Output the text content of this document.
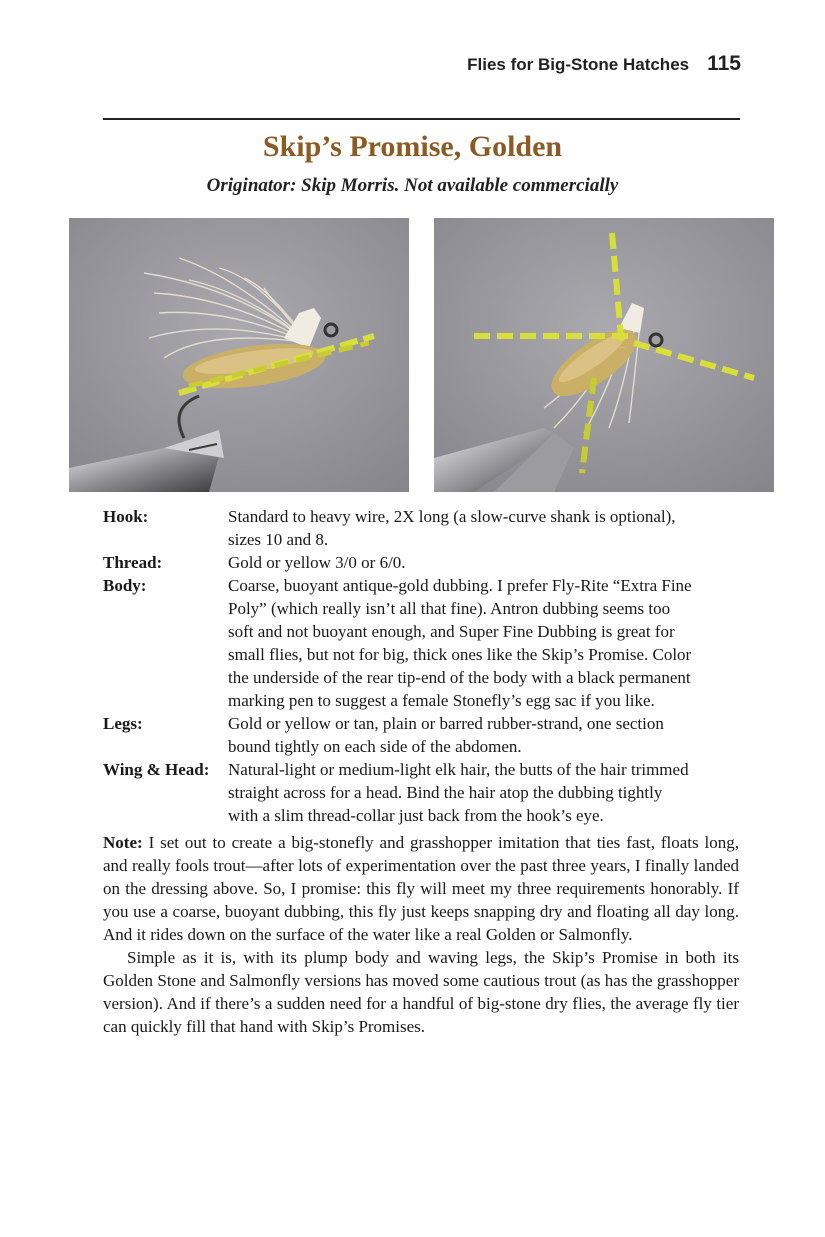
Flies for Big-Stone Hatches 115
Skip’s Promise, Golden
Originator: Skip Morris. Not available commercially
Hook:	Standard to heavy wire, 2X long (a slow-curve shank is optional),
sizes 10 and 8.
Thread:	Gold or yellow 3/0 or 6/0.
Body:	Coarse, buoyant antique-gold dubbing. I prefer Fly-Rite “Extra Fine
Poly” (which really isn’t all that fine). Antron dubbing seems too
soft and not buoyant enough, and Super Fine Dubbing is great for
small flies, but not for big, thick ones like the Skip’s Promise. Color
the underside of the rear tip-end of the body with a black permanent
marking pen to suggest a female Stonefly’s egg sac if you like.
Legs:	Gold or yellow or tan, plain or barred rubber-strand, one section
bound tightly on each side of the abdomen.
Wing & Head:	Natural-light or medium-light elk hair, the butts of the hair trimmed
straight across for a head. Bind the hair atop the dubbing tightly
with a slim thread-collar just back from the hook’s eye.

Note: I set out to create a big-stonefly and grasshopper imitation that ties fast, floats long, and really fools trout—after lots of experimentation over the past three years, I finally landed on the dressing above. So, I promise: this fly will meet my three requirements honorably. If you use a coarse, buoyant dubbing, this fly just keeps snapping dry and floating all day long. And it rides down on the surface of the water like a real Golden or Salmonfly.

Simple as it is, with its plump body and waving legs, the Skip’s Promise in both its Golden Stone and Salmonfly versions has moved some cautious trout (as has the grasshopper version). And if there’s a sudden need for a handful of big-stone dry flies, the average fly tier can quickly fill that hand with Skip’s Promises.
